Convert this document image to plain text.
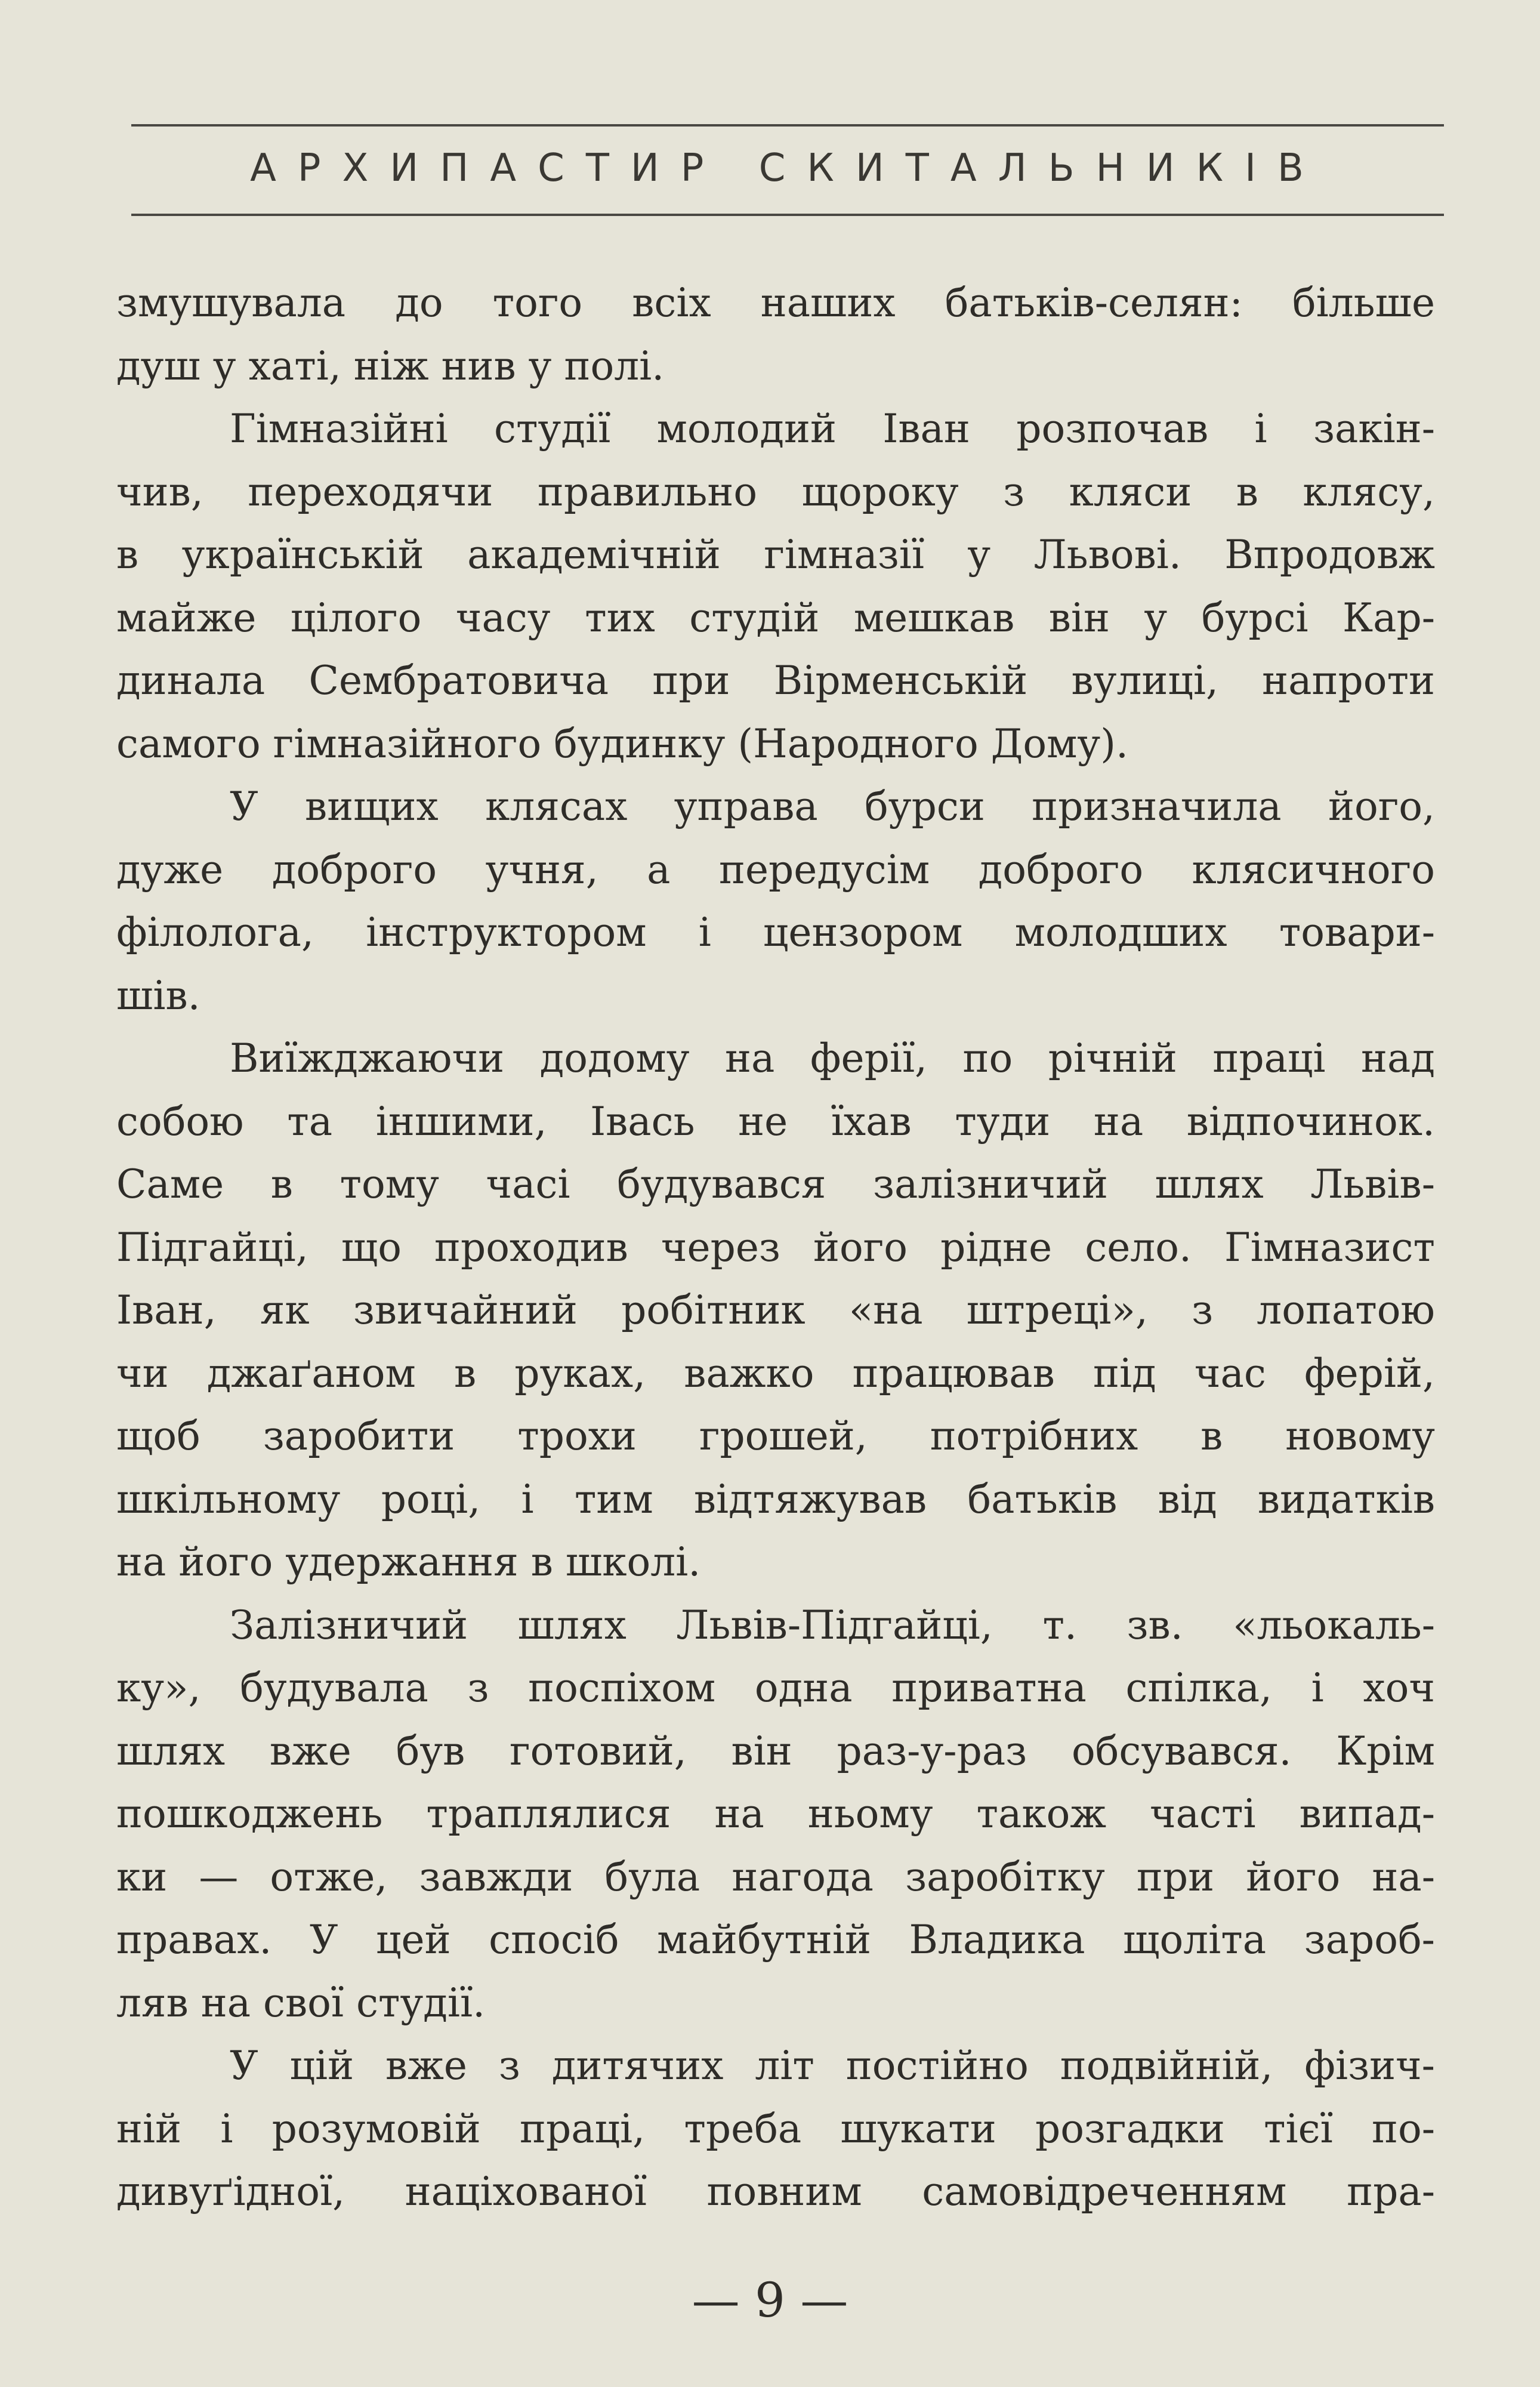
АРХИПАСТИР СКИТАЛЬНИКІВ
змушувала до того всіх наших батьків-селян: більше
душ у хаті, ніж нив у полі.
Гімназійні студії молодий Іван розпочав і закін-
чив, переходячи правильно щороку з кляси в клясу,
в українській академічній гімназії у Львові. Впродовж
майже цілого часу тих студій мешкав він у бурсі Кар-
динала Сембратовича при Вірменській вулиці, напроти
самого гімназійного будинку (Народного Дому).
У вищих клясах управа бурси призначила його,
дуже доброго учня, а передусім доброго клясичного
філолога, інструктором і цензором молодших товари-
шів.
Виїжджаючи додому на ферії, по річній праці над
собою та іншими, Івась не їхав туди на відпочинок.
Саме в тому часі будувався залізничий шлях Львів-
Підгайці, що проходив через його рідне село. Гімназист
Іван, як звичайний робітник «на штреці», з лопатою
чи джаґаном в руках, важко працював під час ферій,
щоб заробити трохи грошей, потрібних в новому
шкільному році, і тим відтяжував батьків від видатків
на його удержання в школі.
Залізничий шлях Львів-Підгайці, т. зв. «льокаль-
ку», будувала з поспіхом одна приватна спілка, і хоч
шлях вже був готовий, він раз-у-раз обсувався. Крім
пошкоджень траплялися на ньому також часті випад-
ки — отже, завжди була нагода заробітку при його на-
правах. У цей спосіб майбутній Владика щоліта зароб-
ляв на свої студії.
У цій вже з дитячих літ постійно подвійній, фізич-
ній і розумовій праці, треба шукати розгадки тієї по-
дивуґідної, націхованої повним самовідреченням пра-
— 9 —
